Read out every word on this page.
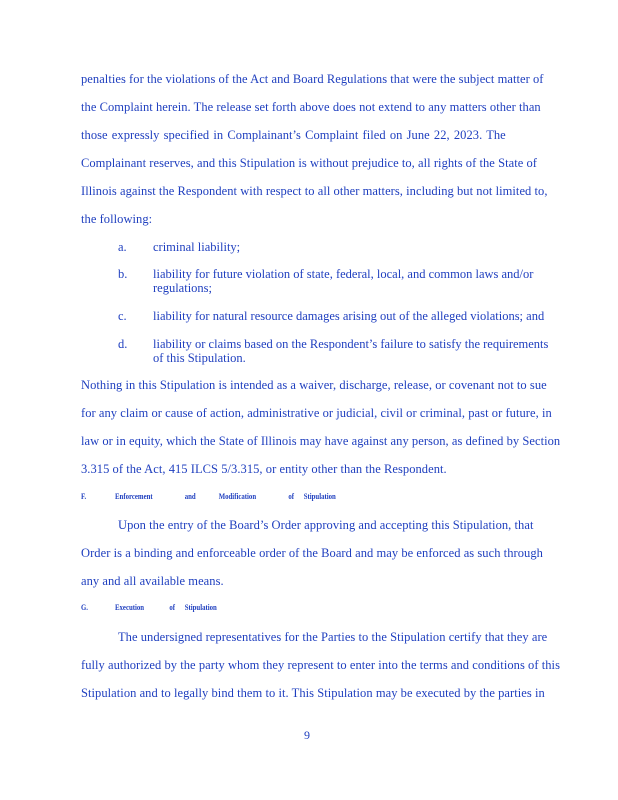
penalties for the violations of the Act and Board Regulations that were the subject matter of
the Complaint herein. The release set forth above does not extend to any matters other than
those expressly specified in Complainant’s Complaint filed on June 22, 2023. The
Complainant reserves, and this Stipulation is without prejudice to, all rights of the State of
Illinois against the Respondent with respect to all other matters, including but not limited to,
the following:
a. criminal liability;
b. liability for future violation of state, federal, local, and common laws and/or
regulations;
c. liability for natural resource damages arising out of the alleged violations; and
d. liability or claims based on the Respondent’s failure to satisfy the requirements
of this Stipulation.
Nothing in this Stipulation is intended as a waiver, discharge, release, or covenant not to sue
for any claim or cause of action, administrative or judicial, civil or criminal, past or future, in
law or in equity, which the State of Illinois may have against any person, as defined by Section
3.315 of the Act, 415 ILCS 5/3.315, or entity other than the Respondent.
F.	Enforcement	and	Modification	of Stipulation
Upon the entry of the Board’s Order approving and accepting this Stipulation, that
Order is a binding and enforceable order of the Board and may be enforced as such through
any and all available means.
G.	Execution	of Stipulation
The undersigned representatives for the Parties to the Stipulation certify that they are
fully authorized by the party whom they represent to enter into the terms and conditions of this
Stipulation and to legally bind them to it. This Stipulation may be executed by the parties in
9
